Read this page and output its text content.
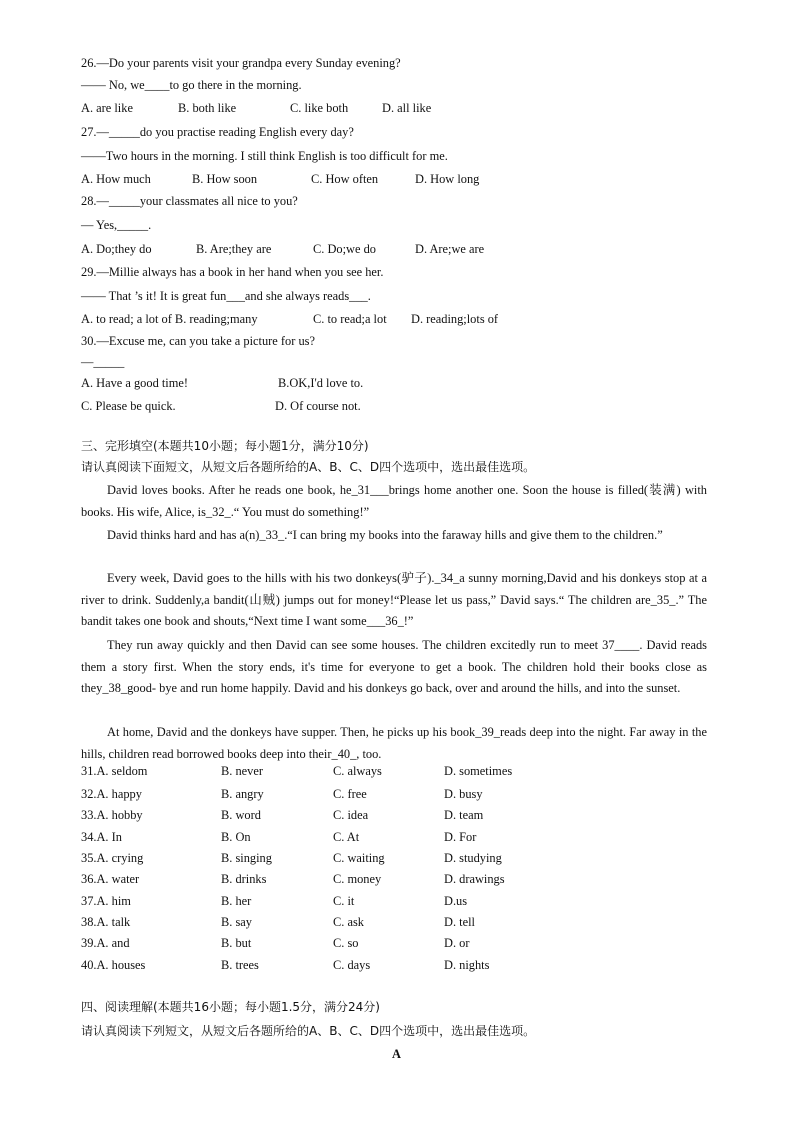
26.—Do your parents visit your grandpa every Sunday evening?
—— No, we____to go there in the morning.
A. are like	B. both like	C. like both	D. all like
27.—_____do you practise reading English every day?
——Two hours in the morning. I still think English is too difficult for me.
A. How much	B. How soon	C. How often	D. How long
28.—_____your classmates all nice to you?
— Yes,_____.
A. Do;they do	B. Are;they are	C. Do;we do	D. Are;we are
29.—Millie always has a book in her hand when you see her.
—— That ’s it! It is great fun___and she always reads___.
A. to read; a lot of B. reading;many	C. to read;a lot D. reading;lots of
30.—Excuse me, can you take a picture for us?
—_____
A. Have a good time!	B.OK,I'd love to.
C. Please be quick.	D. Of course not.
三、完形填空(本题共10小题；每小题1分，满分10分)
请认真阅读下面短文，从短文后各题所给的A、B、C、D四个选项中，选出最佳选项。
David loves books. After he reads one book, he_31___brings home another one. Soon the house is filled(装满) with books. His wife, Alice, is_32_.“ You must do something!”
David thinks hard and has a(n)_33_.“I can bring my books into the faraway hills and give them to the children.”
Every week, David goes to the hills with his two donkeys(驴子)._34_a sunny morning,David and his donkeys stop at a river to drink. Suddenly,a bandit(山贼) jumps out for money!“Please let us pass,” David says.“ The children are_35_.” The bandit takes one book and shouts,“Next time I want some___36_!”
They run away quickly and then David can see some houses. The children excitedly run to meet 37____. David reads them a story first. When the story ends, it's time for everyone to get a book. The children hold their books close as they_38_good- bye and run home happily. David and his donkeys go back, over and around the hills, and into the sunset.
At home, David and the donkeys have supper. Then, he picks up his book_39_reads deep into the night. Far away in the hills, children read borrowed books deep into their_40_, too.
31.A. seldom	B. never	C. always	D. sometimes
32.A. happy	B. angry	C. free	D. busy
33.A. hobby	B. word	C. idea	D. team
34.A. In	B. On	C. At	D. For
35.A. crying	B. singing	C. waiting	D. studying
36.A. water	B. drinks	C. money	D. drawings
37.A. him	B. her	C. it	D.us
38.A. talk	B. say	C. ask	D. tell
39.A. and	B. but	C. so	D. or
40.A. houses	B. trees	C. days	D. nights
四、阅读理解(本题共16小题；每小题1.5分，满分24分)
请认真阅读下列短文，从短文后各题所给的A、B、C、D四个选项中，选出最佳选项。
A
